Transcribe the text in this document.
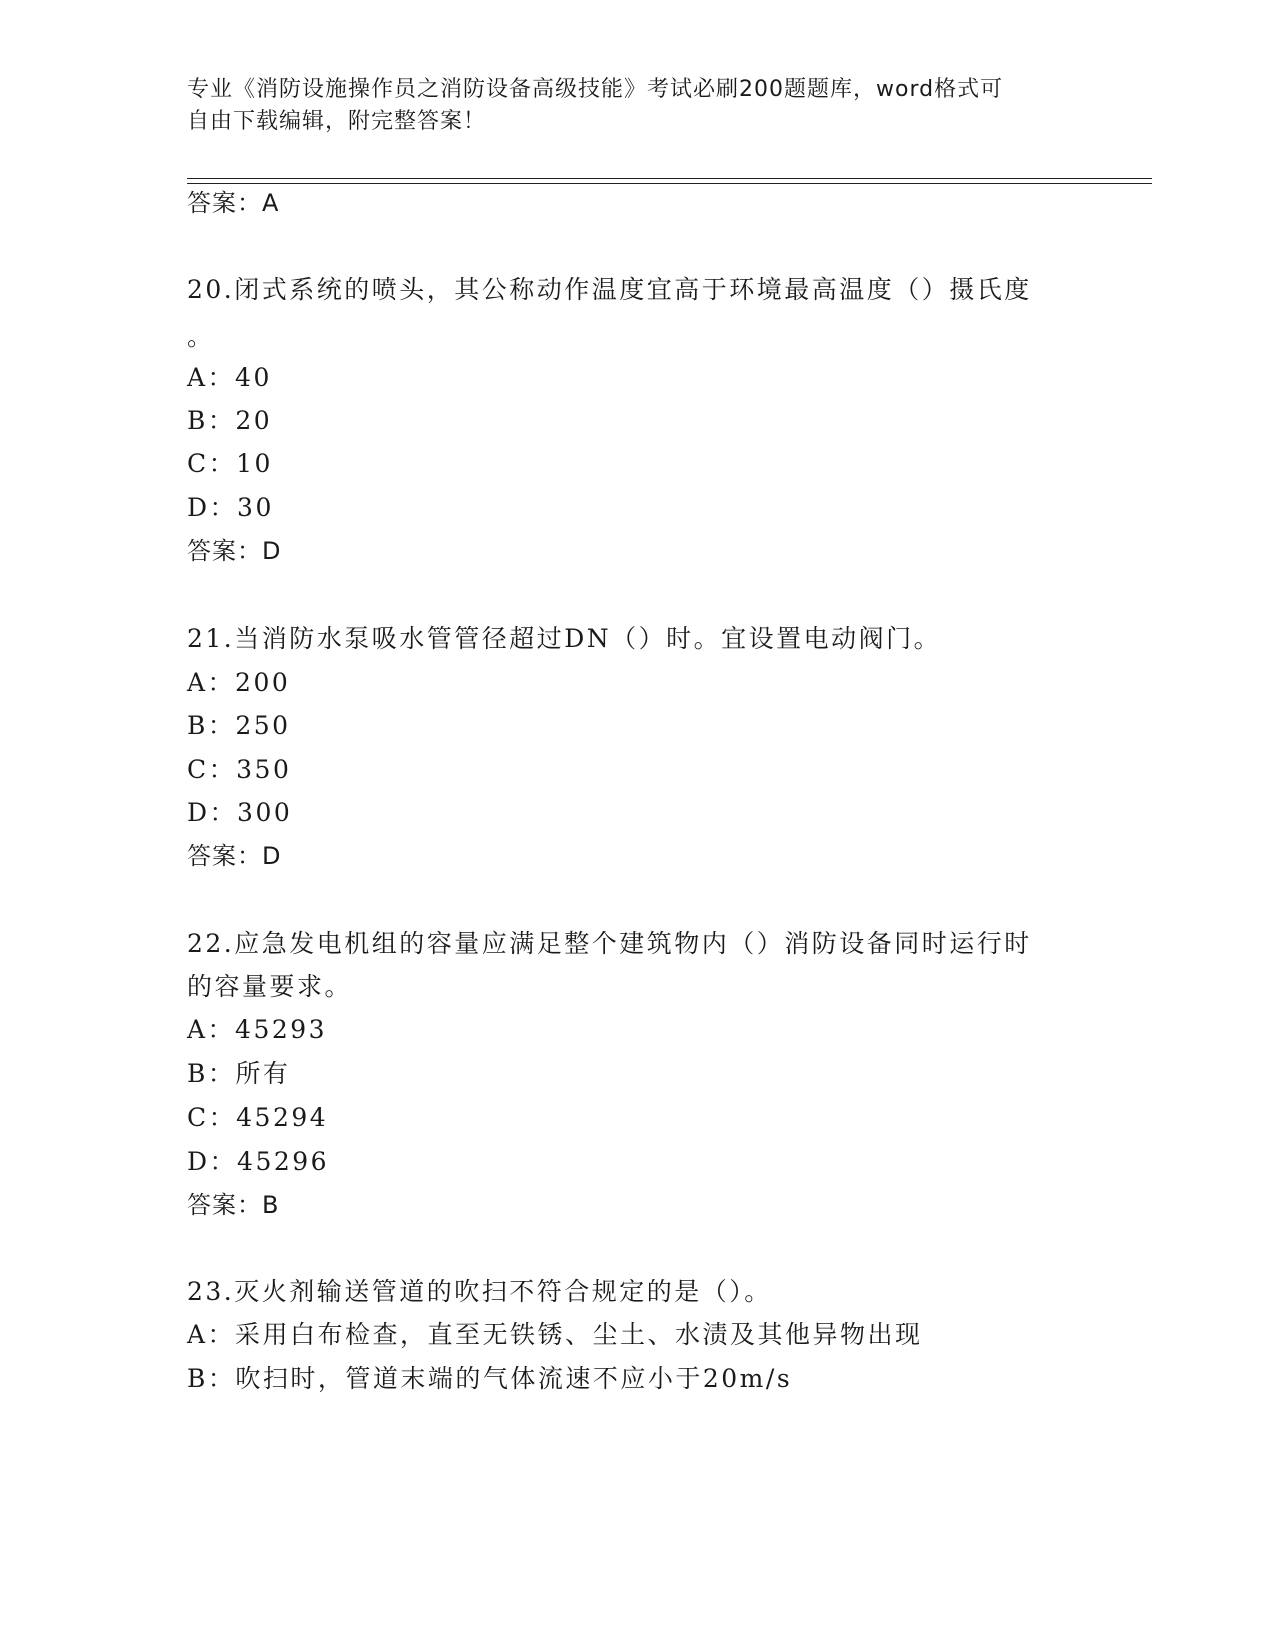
专业《消防设施操作员之消防设备高级技能》考试必刷200题题库，word格式可
自由下载编辑，附完整答案！
答案：A
20.闭式系统的喷头，其公称动作温度宜高于环境最高温度（）摄氏度
。
A：40
B：20
C：10
D：30
答案：D
21.当消防水泵吸水管管径超过DN（）时。宜设置电动阀门。
A：200
B：250
C：350
D：300
答案：D
22.应急发电机组的容量应满足整个建筑物内（）消防设备同时运行时
的容量要求。
A：45293
B：所有
C：45294
D：45296
答案：B
23.灭火剂输送管道的吹扫不符合规定的是（）。
A：采用白布检查，直至无铁锈、尘土、水渍及其他异物出现
B：吹扫时，管道末端的气体流速不应小于20m/s
